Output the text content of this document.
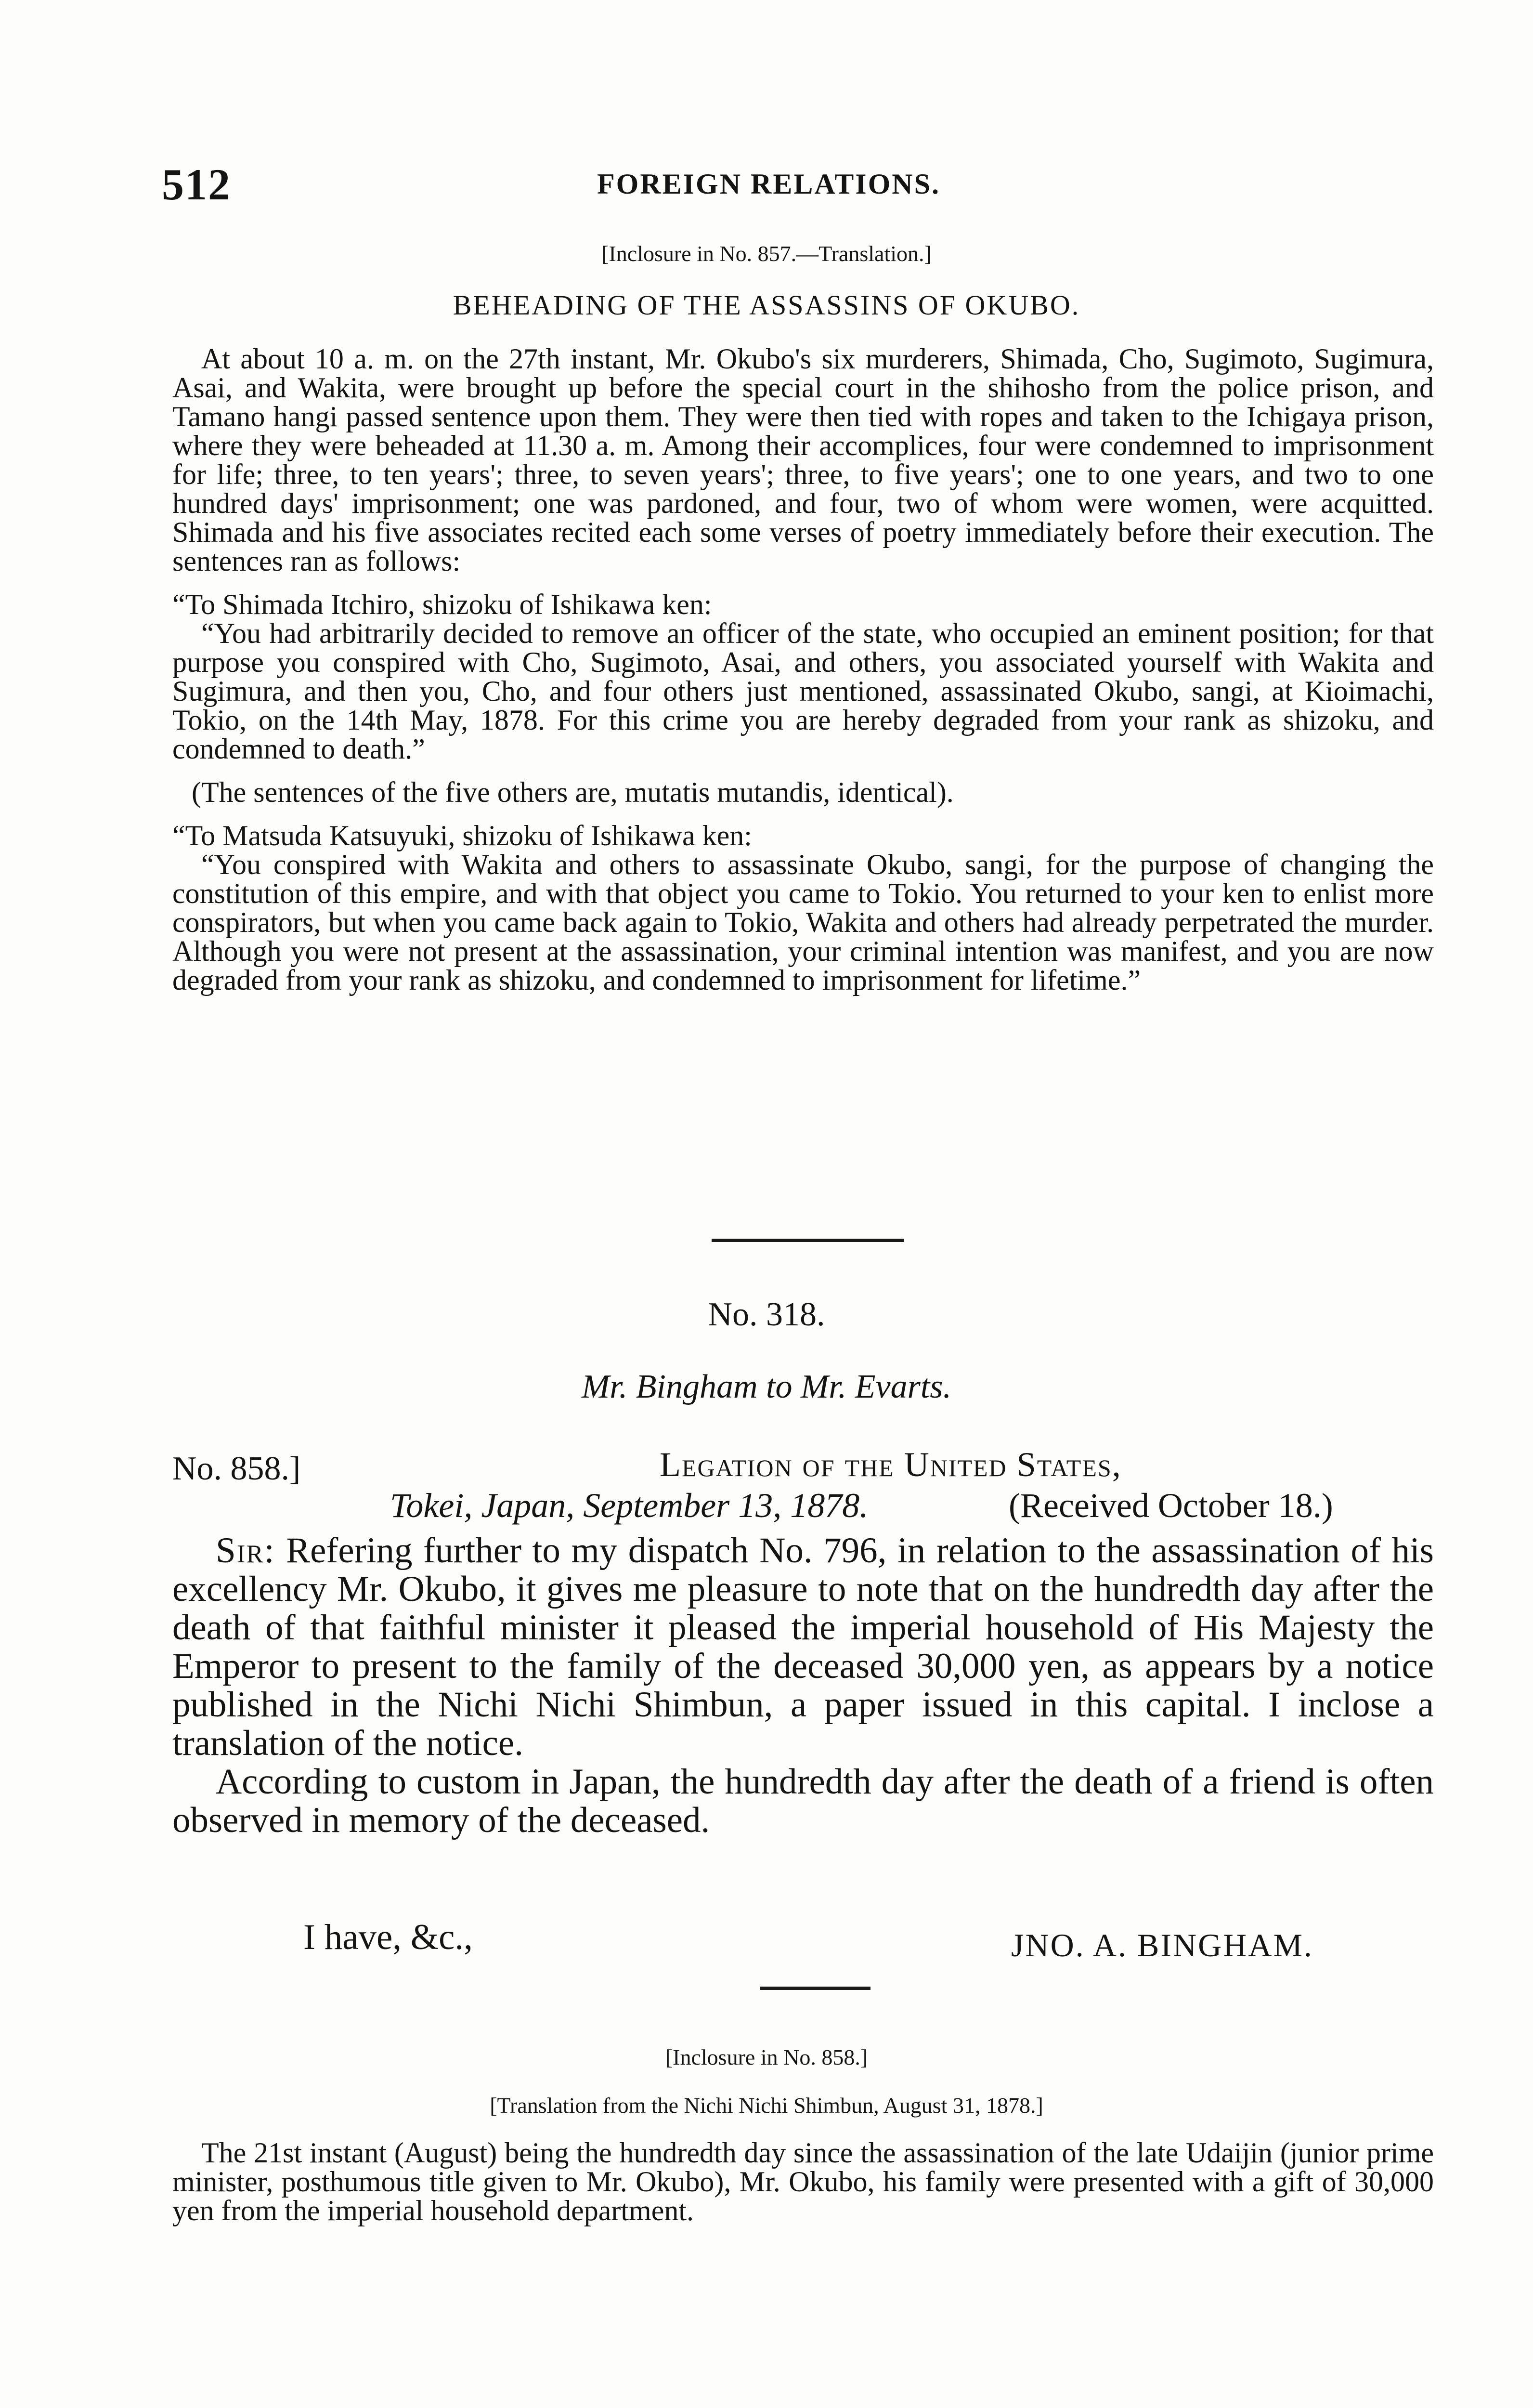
512	FOREIGN RELATIONS.
[Inclosure in No. 857.—Translation.]
BEHEADING OF THE ASSASSINS OF OKUBO.

At about 10 a. m. on the 27th instant, Mr. Okubo's six murderers, Shimada, Cho, Sugimoto, Sugimura, Asai, and Wakita, were brought up before the special court in the shihosho from the police prison, and Tamano hangi passed sentence upon them. They were then tied with ropes and taken to the Ichigaya prison, where they were beheaded at 11.30 a. m. Among their accomplices, four were condemned to imprisonment for life; three, to ten years'; three, to seven years'; three, to five years'; one to one years, and two to one hundred days' imprisonment; one was pardoned, and four, two of whom were women, were acquitted. Shimada and his five associates recited each some verses of poetry immediately before their execution. The sentences ran as follows:

“To Shimada Itchiro, shizoku of Ishikawa ken:

“You had arbitrarily decided to remove an officer of the state, who occupied an eminent position; for that purpose you conspired with Cho, Sugimoto, Asai, and others, you associated yourself with Wakita and Sugimura, and then you, Cho, and four others just mentioned, assassinated Okubo, sangi, at Kioimachi, Tokio, on the 14th May, 1878. For this crime you are hereby degraded from your rank as shizoku, and condemned to death.”

(The sentences of the five others are, mutatis mutandis, identical).

“To Matsuda Katsuyuki, shizoku of Ishikawa ken:

“You conspired with Wakita and others to assassinate Okubo, sangi, for the purpose of changing the constitution of this empire, and with that object you came to Tokio. You returned to your ken to enlist more conspirators, but when you came back again to Tokio, Wakita and others had already perpetrated the murder. Although you were not present at the assassination, your criminal intention was manifest, and you are now degraded from your rank as shizoku, and condemned to imprisonment for lifetime.”

No. 318.
Mr. Bingham to Mr. Evarts.
No. 858.]	Legation of the United States,
Tokei, Japan, September 13, 1878.	(Received October 18.)

Sir: Refering further to my dispatch No. 796, in relation to the assassination of his excellency Mr. Okubo, it gives me pleasure to note that on the hundredth day after the death of that faithful minister it pleased the imperial household of His Majesty the Emperor to present to the family of the deceased 30,000 yen, as appears by a notice published in the Nichi Nichi Shimbun, a paper issued in this capital. I inclose a translation of the notice.

According to custom in Japan, the hundredth day after the death of a friend is often observed in memory of the deceased.

I have, &c.,	JNO. A. BINGHAM.
[Inclosure in No. 858.]
[Translation from the Nichi Nichi Shimbun, August 31, 1878.]

The 21st instant (August) being the hundredth day since the assassination of the late Udaijin (junior prime minister, posthumous title given to Mr. Okubo), Mr. Okubo, his family were presented with a gift of 30,000 yen from the imperial household department.
